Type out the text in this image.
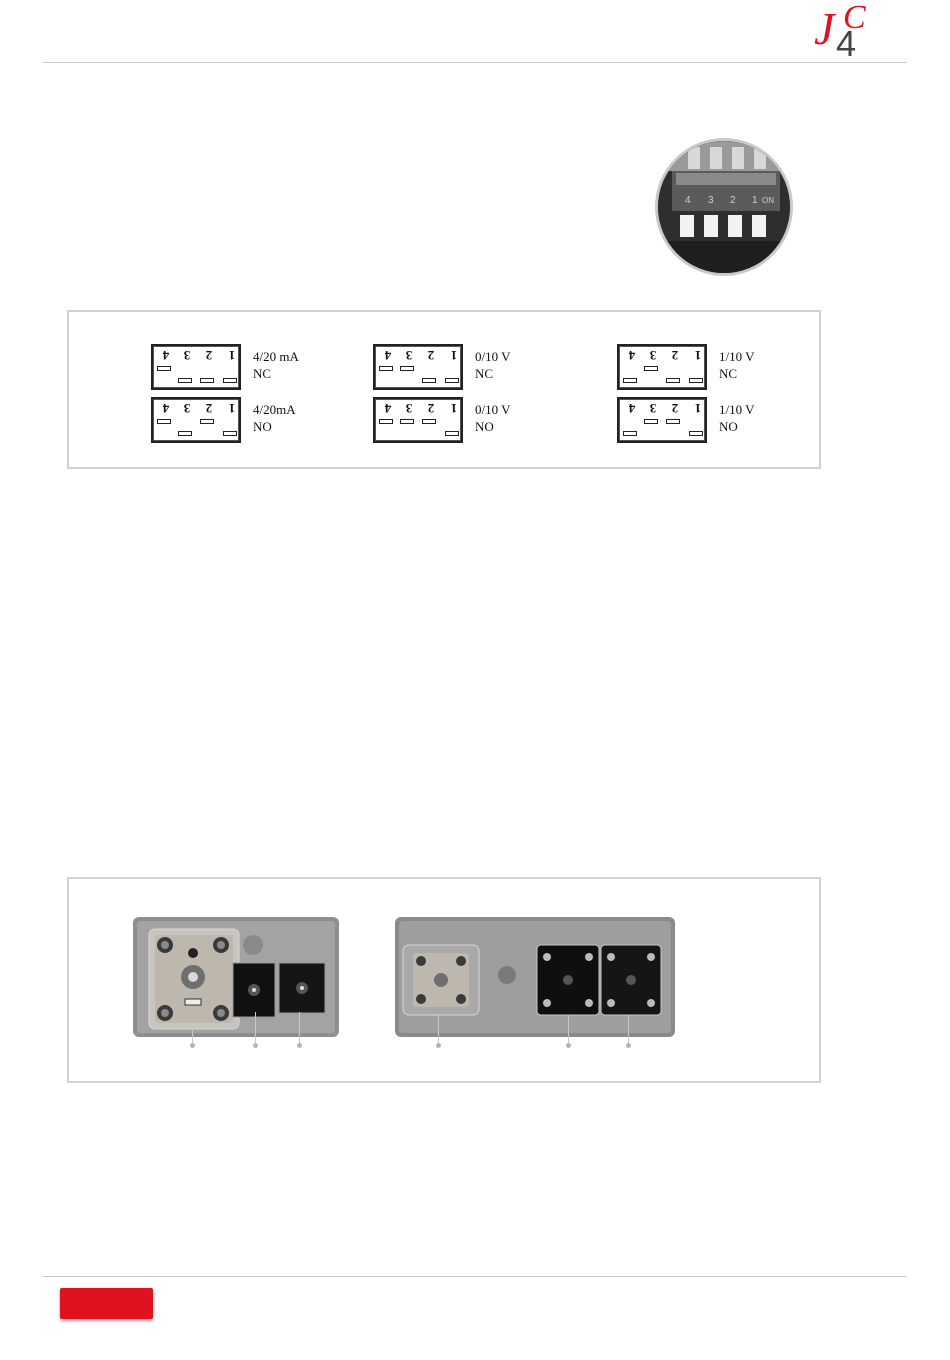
J C
4
4 3 2 1 ON
4 3 2 1 4/20 mA
NC
4 3 2 1 0/10 V
NC
4 3 2 1 1/10 V
NC
4 3 2 1 4/20mA
NO
4 3 2 1 0/10 V
NO
4 3 2 1 1/10 V
NO
